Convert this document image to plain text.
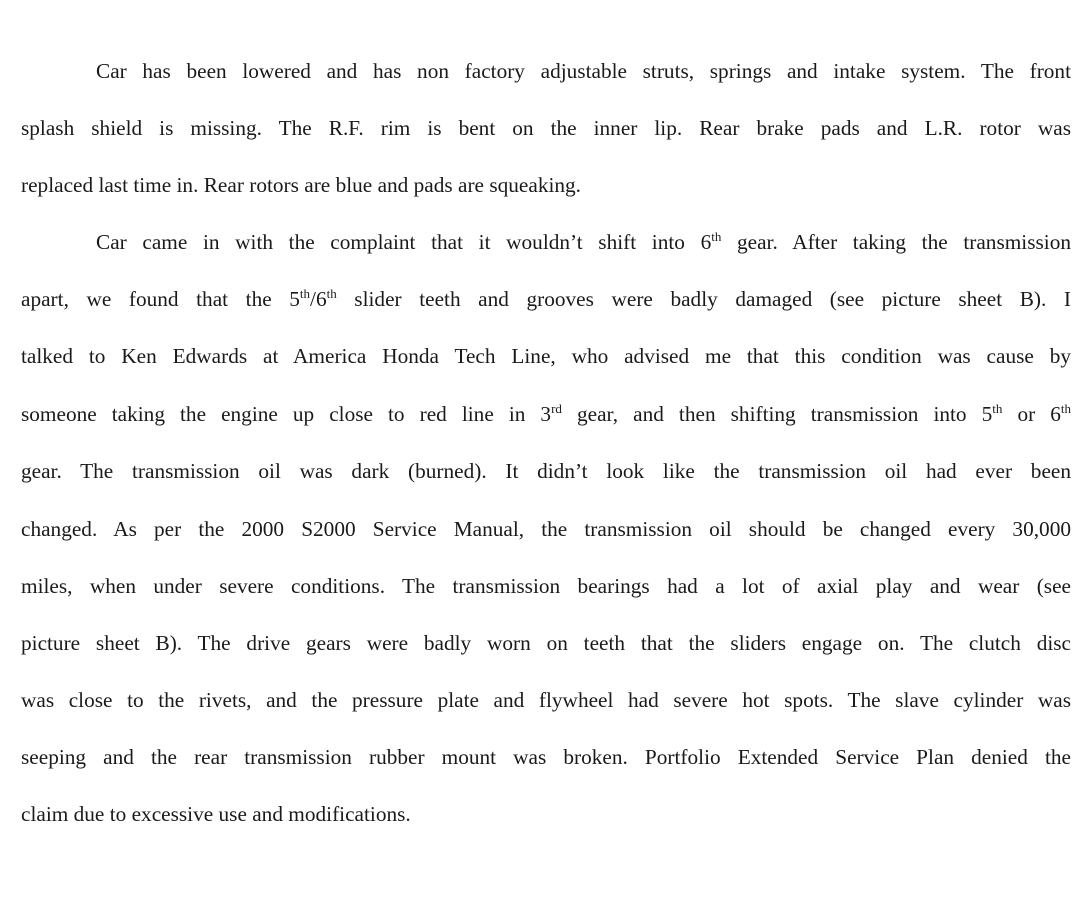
Car has been lowered and has non factory adjustable struts, springs and intake system. The front
splash shield is missing. The R.F. rim is bent on the inner lip. Rear brake pads and L.R. rotor was
replaced last time in. Rear rotors are blue and pads are squeaking.
Car came in with the complaint that it wouldn’t shift into 6th gear. After taking the transmission
apart, we found that the 5th/6th slider teeth and grooves were badly damaged (see picture sheet B). I
talked to Ken Edwards at America Honda Tech Line, who advised me that this condition was cause by
someone taking the engine up close to red line in 3rd gear, and then shifting transmission into 5th or 6th
gear. The transmission oil was dark (burned). It didn’t look like the transmission oil had ever been
changed. As per the 2000 S2000 Service Manual, the transmission oil should be changed every 30,000
miles, when under severe conditions. The transmission bearings had a lot of axial play and wear (see
picture sheet B). The drive gears were badly worn on teeth that the sliders engage on. The clutch disc
was close to the rivets, and the pressure plate and flywheel had severe hot spots. The slave cylinder was
seeping and the rear transmission rubber mount was broken. Portfolio Extended Service Plan denied the
claim due to excessive use and modifications.
